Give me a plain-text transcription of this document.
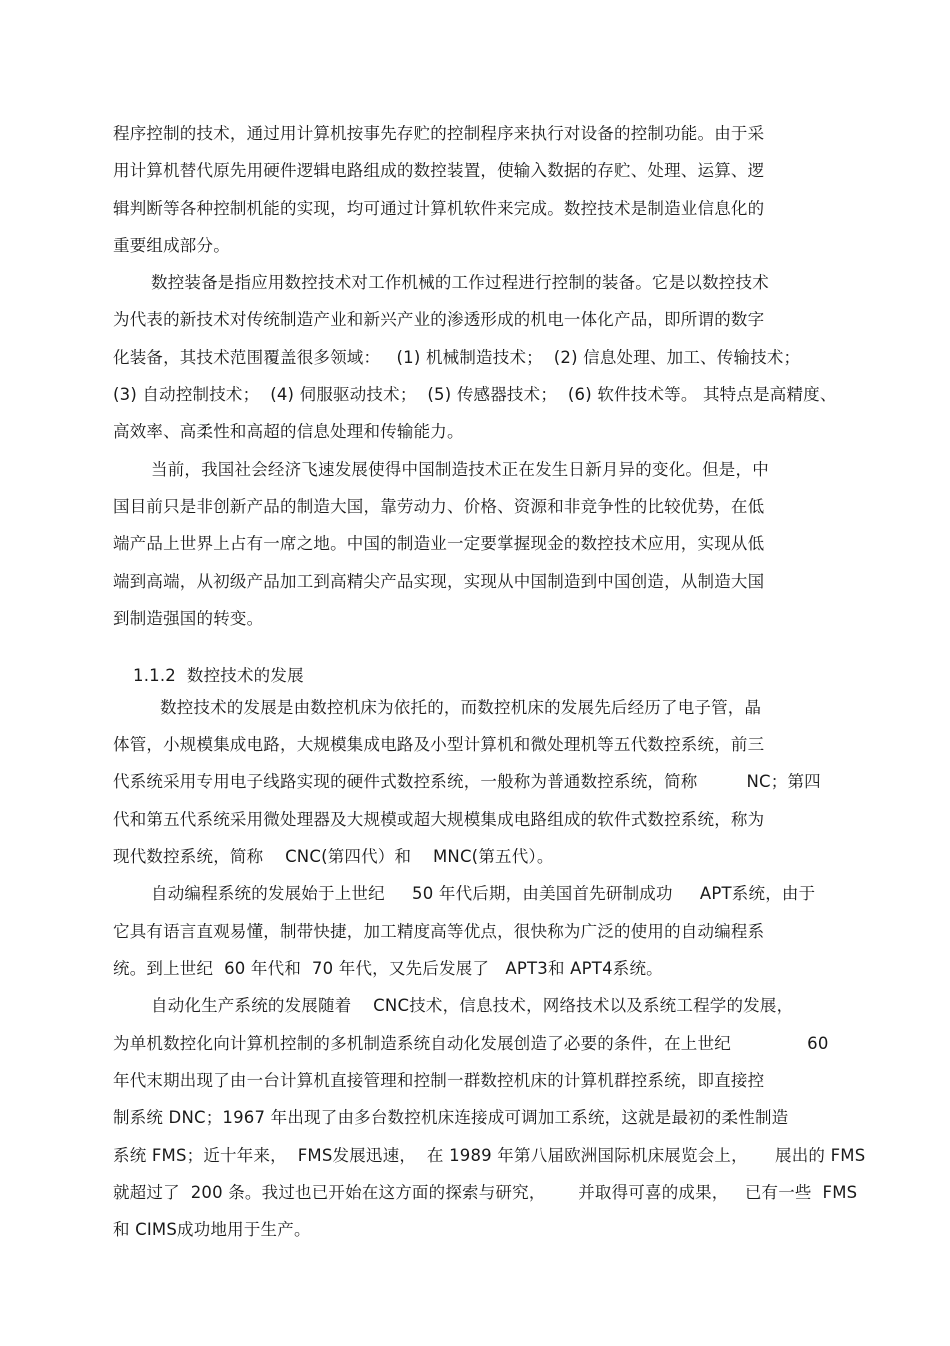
程序控制的技术，通过用计算机按事先存贮的控制程序来执行对设备的控制功能。由于采
用计算机替代原先用硬件逻辑电路组成的数控装置，使输入数据的存贮、处理、运算、逻
辑判断等各种控制机能的实现，均可通过计算机软件来完成。数控技术是制造业信息化的
重要组成部分。
数控装备是指应用数控技术对工作机械的工作过程进行控制的装备。它是以数控技术
为代表的新技术对传统制造产业和新兴产业的渗透形成的机电一体化产品，即所谓的数字
化装备，其技术范围覆盖很多领域：   (1) 机械制造技术；  (2) 信息处理、加工、传输技术；
(3) 自动控制技术；  (4) 伺服驱动技术；  (5) 传感器技术；  (6) 软件技术等。 其特点是高精度、
高效率、高柔性和高超的信息处理和传输能力。
当前，我国社会经济飞速发展使得中国制造技术正在发生日新月异的变化。但是，中
国目前只是非创新产品的制造大国，靠劳动力、价格、资源和非竞争性的比较优势，在低
端产品上世界上占有一席之地。中国的制造业一定要掌握现金的数控技术应用，实现从低
端到高端，从初级产品加工到高精尖产品实现，实现从中国制造到中国创造，从制造大国
到制造强国的转变。
1.1.2  数控技术的发展
数控技术的发展是由数控机床为依托的，而数控机床的发展先后经历了电子管，晶
体管，小规模集成电路，大规模集成电路及小型计算机和微处理机等五代数控系统，前三
代系统采用专用电子线路实现的硬件式数控系统，一般称为普通数控系统，简称         NC；第四
代和第五代系统采用微处理器及大规模或超大规模集成电路组成的软件式数控系统，称为
现代数控系统，简称    CNC(第四代）和    MNC(第五代）。
自动编程系统的发展始于上世纪     50 年代后期，由美国首先研制成功     APT系统，由于
它具有语言直观易懂，制带快捷，加工精度高等优点，很快称为广泛的使用的自动编程系
统。到上世纪  60 年代和  70 年代，又先后发展了   APT3和 APT4系统。
自动化生产系统的发展随着    CNC技术，信息技术，网络技术以及系统工程学的发展，
为单机数控化向计算机控制的多机制造系统自动化发展创造了必要的条件，在上世纪              60
年代末期出现了由一台计算机直接管理和控制一群数控机床的计算机群控系统，即直接控
制系统 DNC；1967 年出现了由多台数控机床连接成可调加工系统，这就是最初的柔性制造
系统 FMS；近十年来，  FMS发展迅速，  在 1989 年第八届欧洲国际机床展览会上，     展出的 FMS
就超过了  200 条。我过也已开始在这方面的探索与研究，      并取得可喜的成果，   已有一些  FMS
和 CIMS成功地用于生产。
